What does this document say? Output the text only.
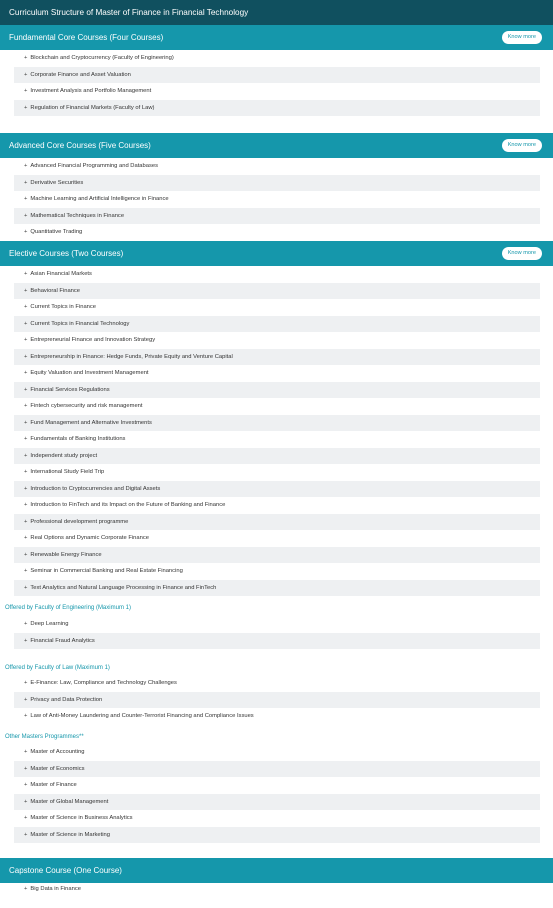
Curriculum Structure of Master of Finance in Financial Technology
Fundamental Core Courses (Four Courses)	Know more
+ Blockchain and Cryptocurrency (Faculty of Engineering)
+ Corporate Finance and Asset Valuation
+ Investment Analysis and Portfolio Management
+ Regulation of Financial Markets (Faculty of Law)
Advanced Core Courses (Five Courses)	Know more
+ Advanced Financial Programming and Databases
+ Derivative Securities
+ Machine Learning and Artificial Intelligence in Finance
+ Mathematical Techniques in Finance
+ Quantitative Trading
Elective Courses (Two Courses)	Know more
+ Asian Financial Markets
+ Behavioral Finance
+ Current Topics in Finance
+ Current Topics in Financial Technology
+ Entrepreneurial Finance and Innovation Strategy
+ Entrepreneurship in Finance: Hedge Funds, Private Equity and Venture Capital
+ Equity Valuation and Investment Management
+ Financial Services Regulations
+ Fintech cybersecurity and risk management
+ Fund Management and Alternative Investments
+ Fundamentals of Banking Institutions
+ Independent study project
+ International Study Field Trip
+ Introduction to Cryptocurrencies and Digital Assets
+ Introduction to FinTech and its Impact on the Future of Banking and Finance
+ Professional development programme
+ Real Options and Dynamic Corporate Finance
+ Renewable Energy Finance
+ Seminar in Commercial Banking and Real Estate Financing
+ Text Analytics and Natural Language Processing in Finance and FinTech
Offered by Faculty of Engineering (Maximum 1)
+ Deep Learning
+ Financial Fraud Analytics
Offered by Faculty of Law (Maximum 1)
+ E-Finance: Law, Compliance and Technology Challenges
+ Privacy and Data Protection
+ Law of Anti-Money Laundering and Counter-Terrorist Financing and Compliance Issues
Other Masters Programmes**
+ Master of Accounting
+ Master of Economics
+ Master of Finance
+ Master of Global Management
+ Master of Science in Business Analytics
+ Master of Science in Marketing
Capstone Course (One Course)
+ Big Data in Finance
